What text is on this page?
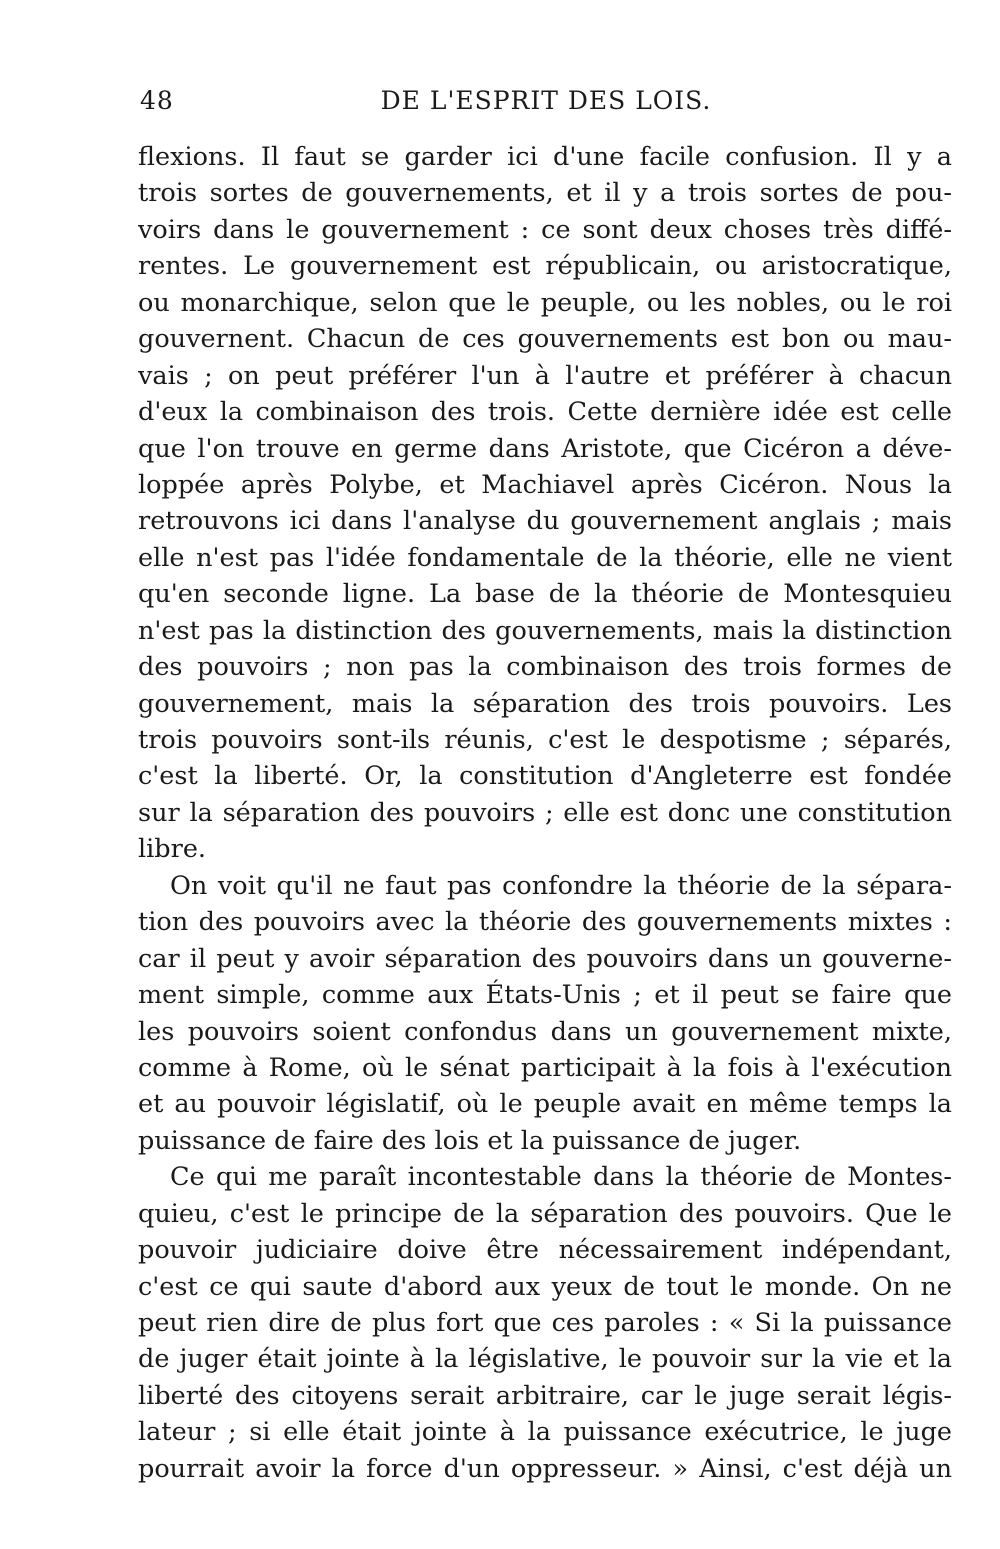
48	DE L'ESPRIT DES LOIS.
flexions. Il faut se garder ici d'une facile confusion. Il y a
trois sortes de gouvernements, et il y a trois sortes de pou-
voirs dans le gouvernement : ce sont deux choses très diffé-
rentes. Le gouvernement est républicain, ou aristocratique,
ou monarchique, selon que le peuple, ou les nobles, ou le roi
gouvernent. Chacun de ces gouvernements est bon ou mau-
vais ; on peut préférer l'un à l'autre et préférer à chacun
d'eux la combinaison des trois. Cette dernière idée est celle
que l'on trouve en germe dans Aristote, que Cicéron a déve-
loppée après Polybe, et Machiavel après Cicéron. Nous la
retrouvons ici dans l'analyse du gouvernement anglais ; mais
elle n'est pas l'idée fondamentale de la théorie, elle ne vient
qu'en seconde ligne. La base de la théorie de Montesquieu
n'est pas la distinction des gouvernements, mais la distinction
des pouvoirs ; non pas la combinaison des trois formes de
gouvernement, mais la séparation des trois pouvoirs. Les
trois pouvoirs sont-ils réunis, c'est le despotisme ; séparés,
c'est la liberté. Or, la constitution d'Angleterre est fondée
sur la séparation des pouvoirs ; elle est donc une constitution
libre.
On voit qu'il ne faut pas confondre la théorie de la sépara-
tion des pouvoirs avec la théorie des gouvernements mixtes :
car il peut y avoir séparation des pouvoirs dans un gouverne-
ment simple, comme aux États-Unis ; et il peut se faire que
les pouvoirs soient confondus dans un gouvernement mixte,
comme à Rome, où le sénat participait à la fois à l'exécution
et au pouvoir législatif, où le peuple avait en même temps la
puissance de faire des lois et la puissance de juger.
Ce qui me paraît incontestable dans la théorie de Montes-
quieu, c'est le principe de la séparation des pouvoirs. Que le
pouvoir judiciaire doive être nécessairement indépendant,
c'est ce qui saute d'abord aux yeux de tout le monde. On ne
peut rien dire de plus fort que ces paroles : « Si la puissance
de juger était jointe à la législative, le pouvoir sur la vie et la
liberté des citoyens serait arbitraire, car le juge serait légis-
lateur ; si elle était jointe à la puissance exécutrice, le juge
pourrait avoir la force d'un oppresseur. » Ainsi, c'est déjà un
